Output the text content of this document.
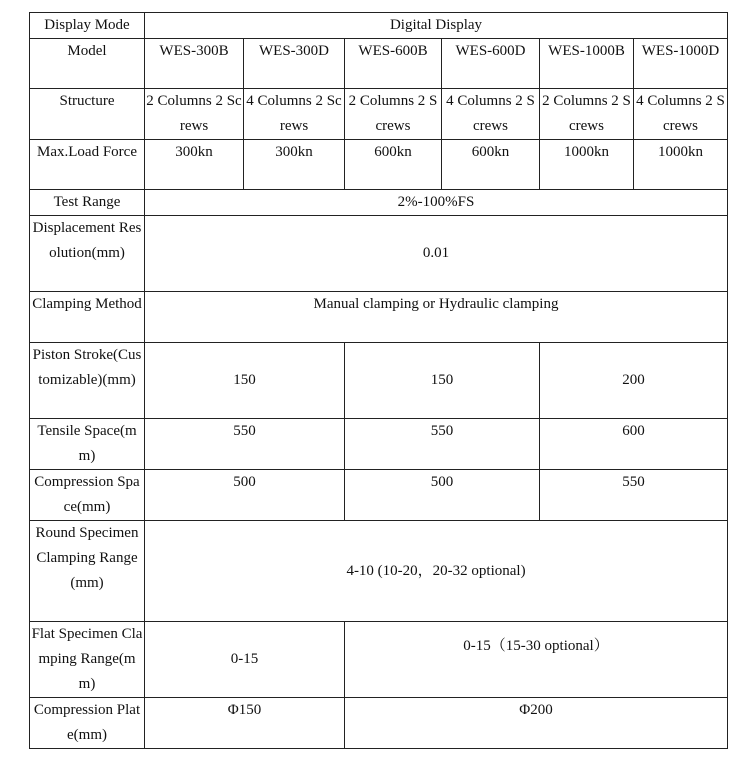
Display Mode	Digital Display					
Model	WES-300B	WES-300D	WES-600B	WES-600D	WES-1000B	WES-1000D
Structure	2 Columns 2 Screws	4 Columns 2 Screws	2 Columns 2 Screws	4 Columns 2 Screws	2 Columns 2 Screws	4 Columns 2 Screws
Max.Load Force	300kn	300kn	600kn	600kn	1000kn	1000kn
Test Range	2%-100%FS					
Displacement Resolution(mm)	0.01					
Clamping Method	Manual clamping or Hydraulic clamping					
Piston Stroke(Customizable)(mm)	150		150		200	
Tensile Space(mm)	550		550		600	
Compression Space(mm)	500		500		550	
Round Specimen Clamping Range(mm)	4-10 (10-20，20-32 optional)					
Flat Specimen Clamping Range(mm)	0-15		0-15（15-30 optional）			
Compression Plate(mm)	Φ150		Φ200			
